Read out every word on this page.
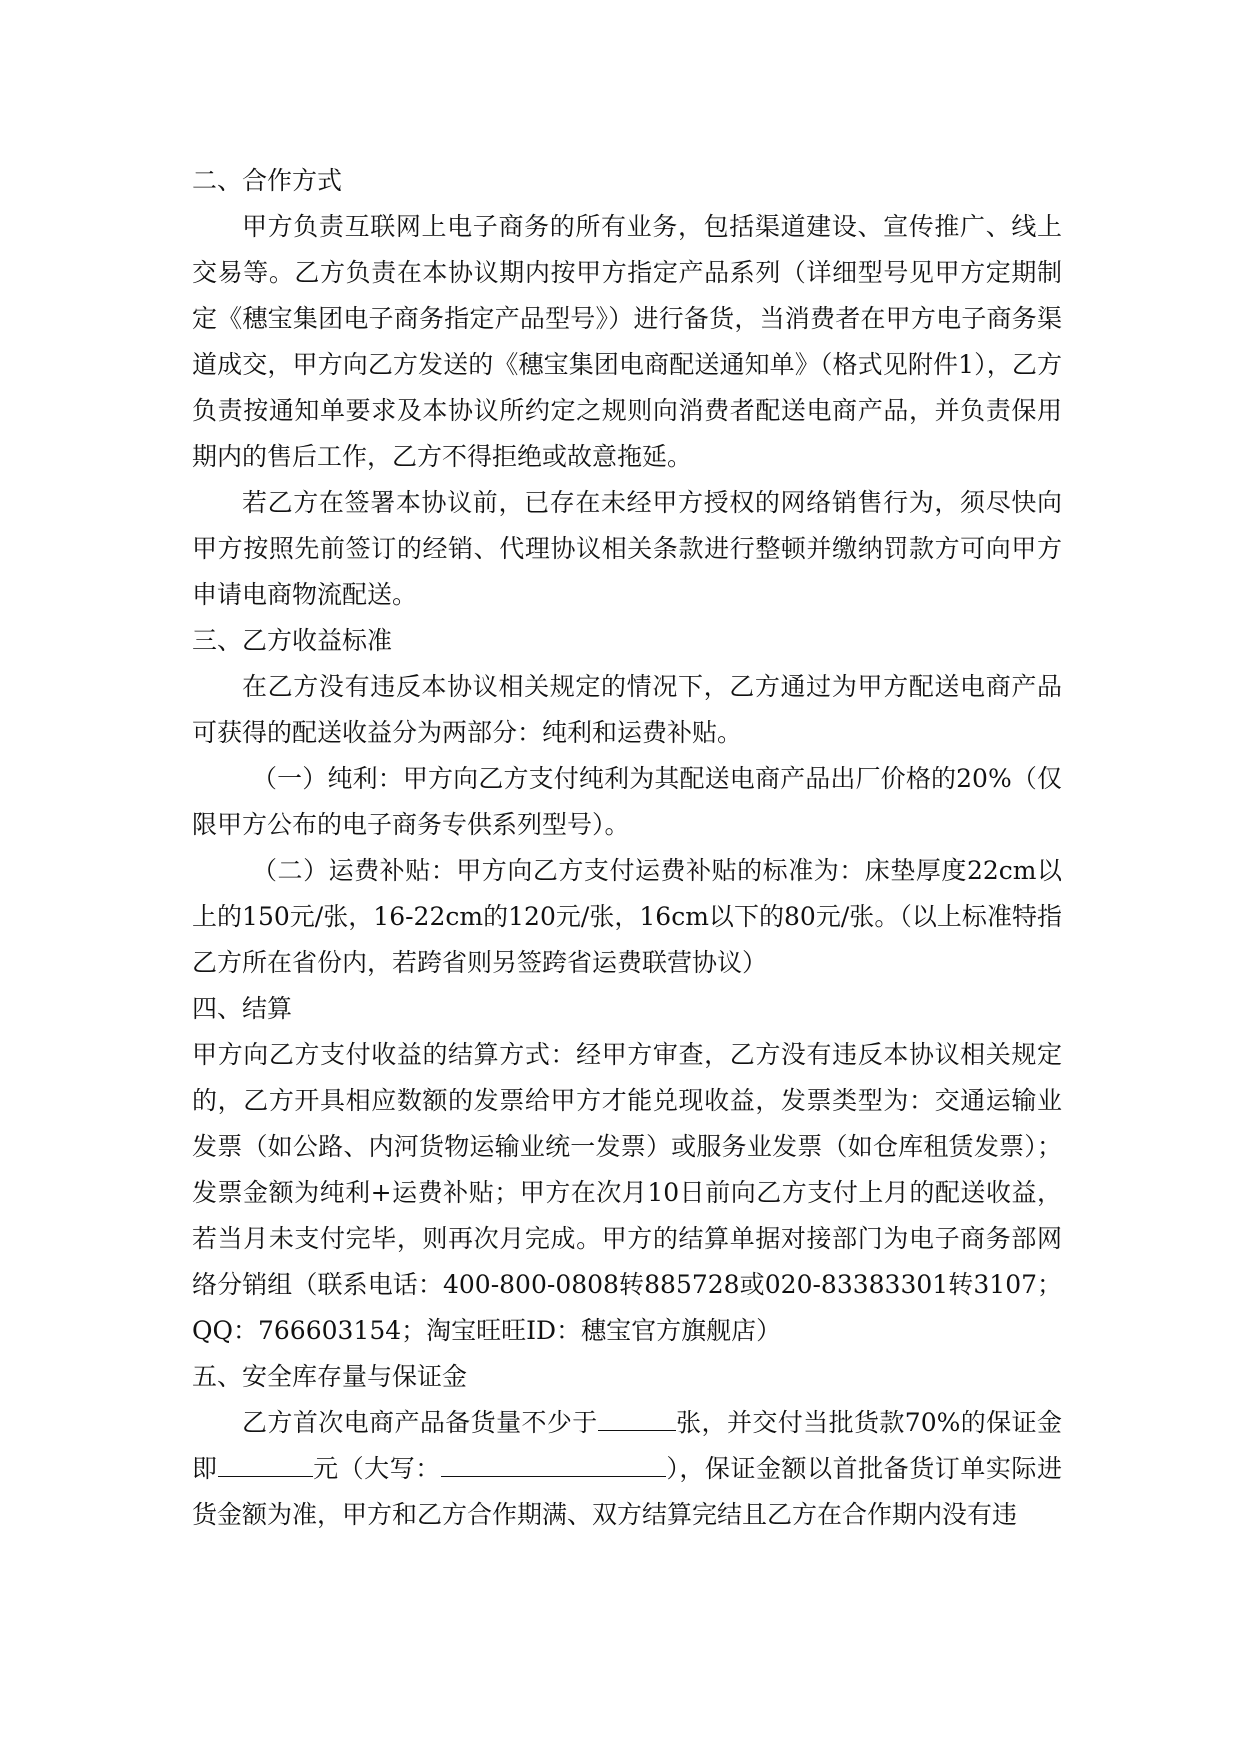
二、合作方式

甲方负责互联网上电子商务的所有业务，包括渠道建设、宣传推广、线上交易等。乙方负责在本协议期内按甲方指定产品系列（详细型号见甲方定期制定《穗宝集团电子商务指定产品型号》）进行备货，当消费者在甲方电子商务渠道成交，甲方向乙方发送的《穗宝集团电商配送通知单》（格式见附件1），乙方负责按通知单要求及本协议所约定之规则向消费者配送电商产品，并负责保用期内的售后工作，乙方不得拒绝或故意拖延。

若乙方在签署本协议前，已存在未经甲方授权的网络销售行为，须尽快向甲方按照先前签订的经销、代理协议相关条款进行整顿并缴纳罚款方可向甲方申请电商物流配送。

三、乙方收益标准

在乙方没有违反本协议相关规定的情况下，乙方通过为甲方配送电商产品可获得的配送收益分为两部分：纯利和运费补贴。

（一）纯利：甲方向乙方支付纯利为其配送电商产品出厂价格的20%（仅限甲方公布的电子商务专供系列型号）。

（二）运费补贴：甲方向乙方支付运费补贴的标准为：床垫厚度22cm以上的150元/张，16-22cm的120元/张，16cm以下的80元/张。（以上标准特指乙方所在省份内，若跨省则另签跨省运费联营协议）

四、结算

甲方向乙方支付收益的结算方式：经甲方审查，乙方没有违反本协议相关规定的，乙方开具相应数额的发票给甲方才能兑现收益，发票类型为：交通运输业发票（如公路、内河货物运输业统一发票）或服务业发票（如仓库租赁发票）；发票金额为纯利+运费补贴；甲方在次月10日前向乙方支付上月的配送收益，若当月未支付完毕，则再次月完成。甲方的结算单据对接部门为电子商务部网络分销组（联系电话：400-800-0808转885728或020-83383301转3107；QQ：766603154；淘宝旺旺ID：穗宝官方旗舰店）

五、安全库存量与保证金

乙方首次电商产品备货量不少于	张，并交付当批货款70%的保证金即	元（大写：	），保证金额以首批备货订单实际进货金额为准，甲方和乙方合作期满、双方结算完结且乙方在合作期内没有违
